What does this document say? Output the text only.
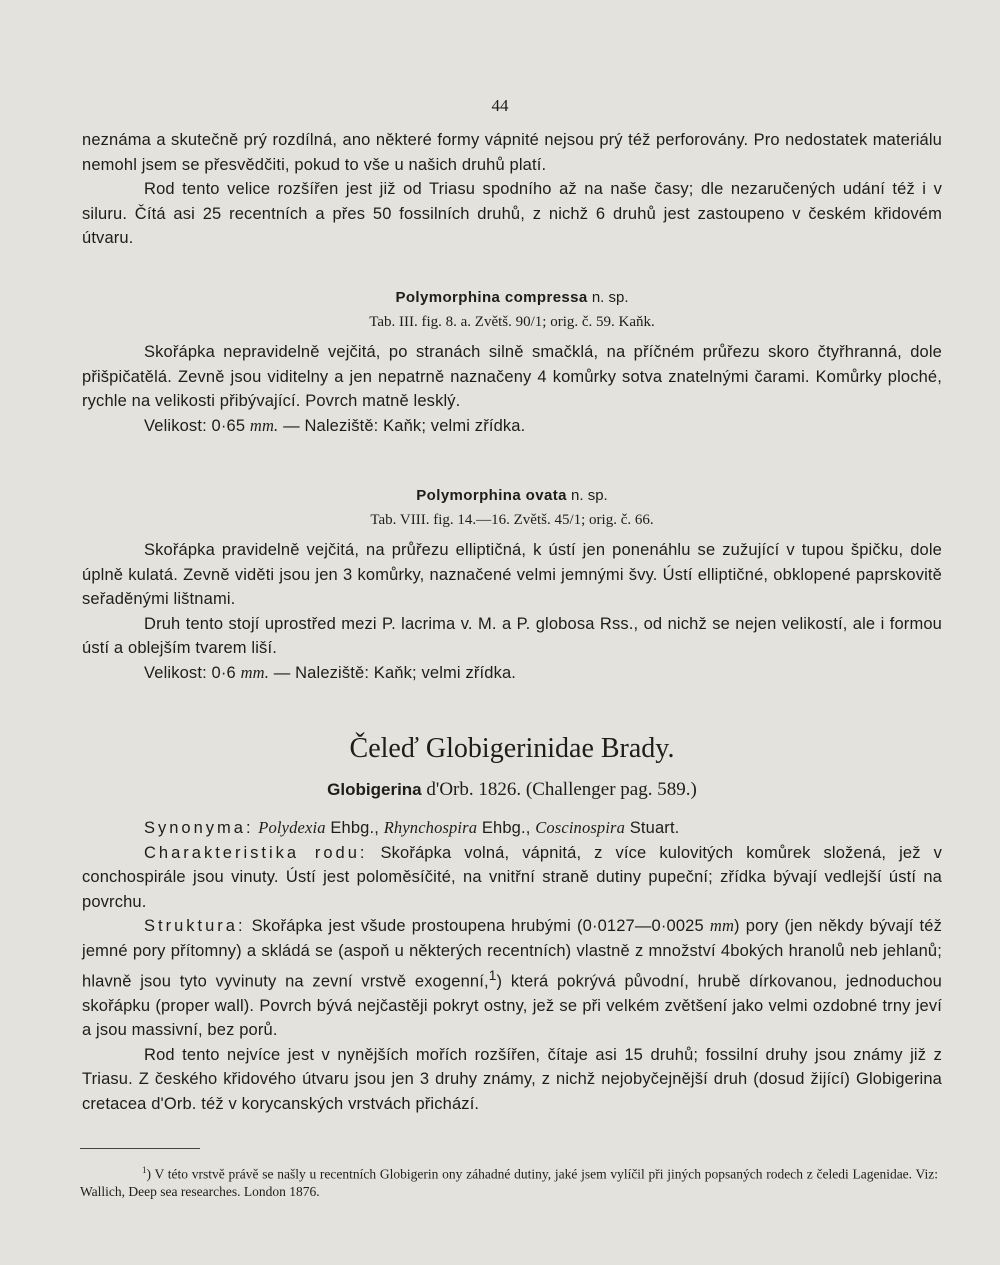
44

neznáma a skutečně prý rozdílná, ano některé formy vápnité nejsou prý též perforovány. Pro nedostatek materiálu nemohl jsem se přesvědčiti, pokud to vše u našich druhů platí.

Rod tento velice rozšířen jest již od Triasu spodního až na naše časy; dle nezaručených udání též i v siluru. Čítá asi 25 recentních a přes 50 fossilních druhů, z nichž 6 druhů jest zastoupeno v českém křidovém útvaru.

Polymorphina compressa n. sp.
Tab. III. fig. 8. a. Zvětš. 90/1; orig. č. 59. Kaňk.

Skořápka nepravidelně vejčitá, po stranách silně smačklá, na příčném průřezu skoro čtyřhranná, dole přišpičatělá. Zevně jsou viditelny a jen nepatrně naznačeny 4 komůrky sotva znatelnými čarami. Komůrky ploché, rychle na velikosti přibývající. Povrch matně lesklý.

Velikost: 0·65 mm. — Naleziště: Kaňk; velmi zřídka.

Polymorphina ovata n. sp.
Tab. VIII. fig. 14.—16. Zvětš. 45/1; orig. č. 66.

Skořápka pravidelně vejčitá, na průřezu elliptičná, k ústí jen ponenáhlu se zužující v tupou špičku, dole úplně kulatá. Zevně viděti jsou jen 3 komůrky, naznačené velmi jemnými švy. Ústí elliptičné, obklopené paprskovitě seřaděnými lištnami.

Druh tento stojí uprostřed mezi P. lacrima v. M. a P. globosa Rss., od nichž se nejen velikostí, ale i formou ústí a oblejším tvarem liší.

Velikost: 0·6 mm. — Naleziště: Kaňk; velmi zřídka.

Čeleď Globigerinidae Brady.
Globigerina d'Orb. 1826. (Challenger pag. 589.)

Synonyma: Polydexia Ehbg., Rhynchospira Ehbg., Coscinospira Stuart.

Charakteristika rodu: Skořápka volná, vápnitá, z více kulovitých komůrek složená, jež v conchospirále jsou vinuty. Ústí jest poloměsíčité, na vnitřní straně dutiny pupeční; zřídka bývají vedlejší ústí na povrchu.

Struktura: Skořápka jest všude prostoupena hrubými (0·0127—0·0025 mm) pory (jen někdy bývají též jemné pory přítomny) a skládá se (aspoň u některých recentních) vlastně z množství 4bokých hranolů neb jehlanů; hlavně jsou tyto vyvinuty na zevní vrstvě exogenní,$^1$) která pokrývá původní, hrubě dírkovanou, jednoduchou skořápku (proper wall). Povrch bývá nejčastěji pokryt ostny, jež se při velkém zvětšení jako velmi ozdobné trny jeví a jsou massivní, bez porů.

Rod tento nejvíce jest v nynějších mořích rozšířen, čítaje asi 15 druhů; fossilní druhy jsou známy již z Triasu. Z českého křidového útvaru jsou jen 3 druhy známy, z nichž nejobyčejnější druh (dosud žijící) Globigerina cretacea d'Orb. též v korycanských vrstvách přichází.

$^1$) V této vrstvě právě se našly u recentních Globigerin ony záhadné dutiny, jaké jsem vylíčil při jiných popsaných rodech z čeledi Lagenidae. Viz: Wallich, Deep sea researches. London 1876.
